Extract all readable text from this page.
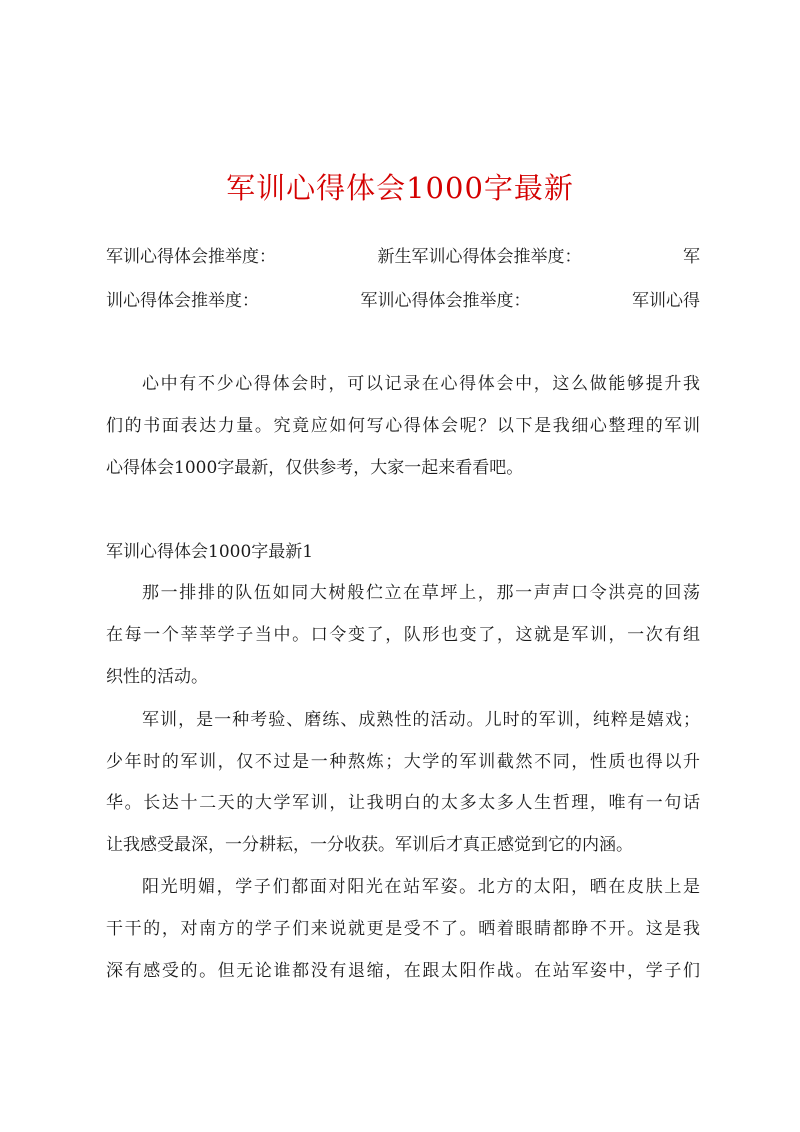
军训心得体会1000字最新
军训心得体会推举度：	新生军训心得体会推举度：	军
训心得体会推举度：	军训心得体会推举度：	军训心得
心中有不少心得体会时，可以记录在心得体会中，这么做能够提升我
们的书面表达力量。究竟应如何写心得体会呢？以下是我细心整理的军训
心得体会1000字最新，仅供参考，大家一起来看看吧。
军训心得体会1000字最新1
那一排排的队伍如同大树般伫立在草坪上，那一声声口令洪亮的回荡
在每一个莘莘学子当中。口令变了，队形也变了，这就是军训，一次有组
织性的活动。
军训，是一种考验、磨练、成熟性的活动。儿时的军训，纯粹是嬉戏；
少年时的军训，仅不过是一种熬炼；大学的军训截然不同，性质也得以升
华。长达十二天的大学军训，让我明白的太多太多人生哲理，唯有一句话
让我感受最深，一分耕耘，一分收获。军训后才真正感觉到它的内涵。
阳光明媚，学子们都面对阳光在站军姿。北方的太阳，晒在皮肤上是
干干的，对南方的学子们来说就更是受不了。晒着眼睛都睁不开。这是我
深有感受的。但无论谁都没有退缩，在跟太阳作战。在站军姿中，学子们
